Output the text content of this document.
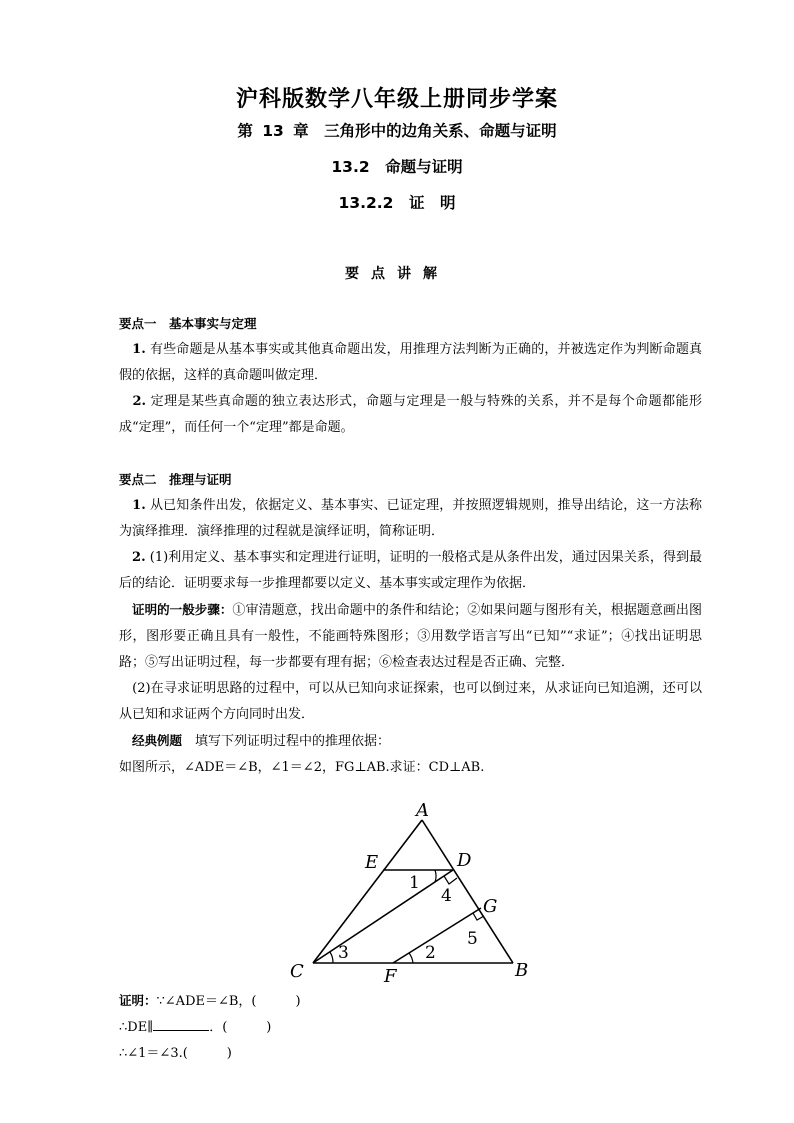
沪科版数学八年级上册同步学案
第 13 章　三角形中的边角关系、命题与证明
13.2　命题与证明
13.2.2　证　明
要点讲解

要点一　基本事实与定理

　1. 有些命题是从基本事实或其他真命题出发，用推理方法判断为正确的，并被选定作为判断命题真假的依据，这样的真命题叫做定理．

　2. 定理是某些真命题的独立表达形式，命题与定理是一般与特殊的关系，并不是每个命题都能形成“定理”，而任何一个“定理”都是命题。

要点二　推理与证明

　1. 从已知条件出发，依据定义、基本事实、已证定理，并按照逻辑规则，推导出结论，这一方法称为演绎推理．演绎推理的过程就是演绎证明，简称证明．

　2. (1)利用定义、基本事实和定理进行证明，证明的一般格式是从条件出发，通过因果关系，得到最后的结论．证明要求每一步推理都要以定义、基本事实或定理作为依据．

　证明的一般步骤：①审清题意，找出命题中的条件和结论；②如果问题与图形有关，根据题意画出图形，图形要正确且具有一般性，不能画特殊图形；③用数学语言写出“已知”“求证”；④找出证明思路；⑤写出证明过程，每一步都要有理有据；⑥检查表达过程是否正确、完整．

　(2)在寻求证明思路的过程中，可以从已知向求证探索，也可以倒过来，从求证向已知追溯，还可以从已知和求证两个方向同时出发．

　经典例题　填写下列证明过程中的推理依据：

如图所示，∠ADE＝∠B，∠1＝∠2，FG⊥AB.求证：CD⊥AB.

A
B
C
D
E
F
G
1
2
3
4
5

证明：∵∠ADE＝∠B，(　　　)

∴DE∥	．(　　　)

∴∠1＝∠3.(　　　)
